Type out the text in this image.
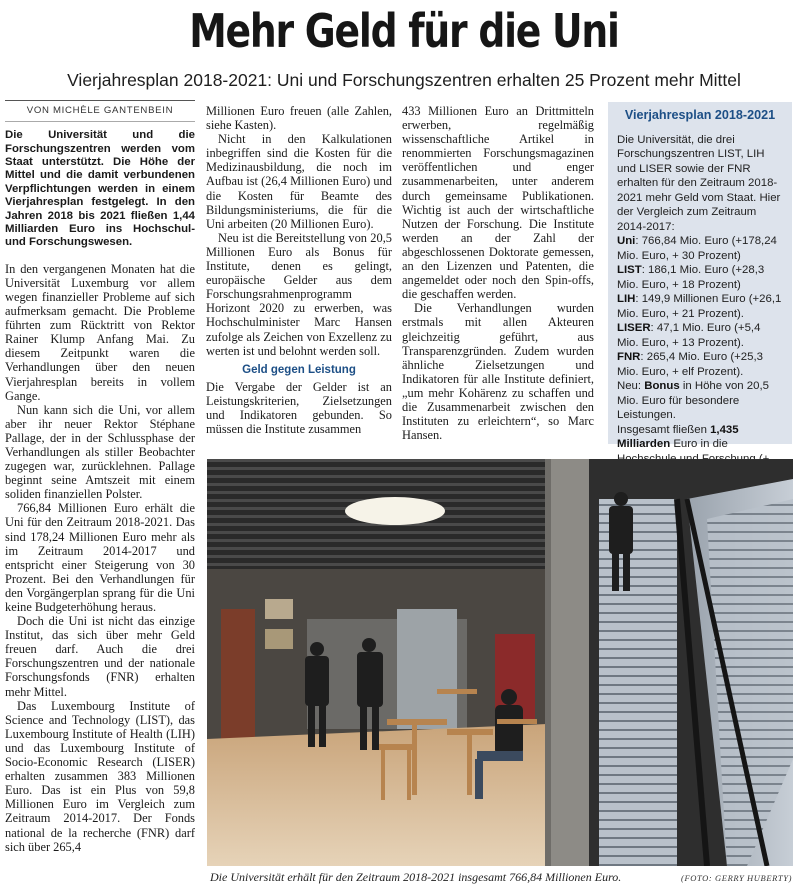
Mehr Geld für die Uni
Vierjahresplan 2018-2021: Uni und Forschungszentren erhalten 25 Prozent mehr Mittel
VON MICHÈLE GANTENBEIN

Die Universität und die Forschungszentren werden vom Staat unterstützt. Die Höhe der Mittel und die damit verbundenen Verpflichtungen werden in einem Vierjahresplan festgelegt. In den Jahren 2018 bis 2021 fließen 1,44 Milliarden Euro ins Hochschul- und Forschungswesen.

In den vergangenen Monaten hat die Universität Luxemburg vor allem wegen finanzieller Probleme auf sich aufmerksam gemacht. Die Probleme führten zum Rücktritt von Rektor Rainer Klump Anfang Mai. Zu diesem Zeitpunkt waren die Verhandlungen über den neuen Vierjahresplan bereits in vollem Gange.

Nun kann sich die Uni, vor allem aber ihr neuer Rektor Stéphane Pallage, der in der Schlussphase der Verhandlungen als stiller Beobachter zugegen war, zurücklehnen. Pallage beginnt seine Amtszeit mit einem soliden finanziellen Polster.

766,84 Millionen Euro erhält die Uni für den Zeitraum 2018-2021. Das sind 178,24 Millionen Euro mehr als im Zeitraum 2014-2017 und entspricht einer Steigerung von 30 Prozent. Bei den Verhandlungen für den Vorgängerplan sprang für die Uni keine Budgeterhöhung heraus.

Doch die Uni ist nicht das einzige Institut, das sich über mehr Geld freuen darf. Auch die drei Forschungszentren und der nationale Forschungsfonds (FNR) erhalten mehr Mittel.

Das Luxembourg Institute of Science and Technology (LIST), das Luxembourg Institute of Health (LIH) und das Luxembourg Institute of Socio-Economic Research (LISER) erhalten zusammen 383 Millionen Euro. Das ist ein Plus von 59,8 Millionen Euro im Vergleich zum Zeitraum 2014-2017. Der Fonds national de la recherche (FNR) darf sich über 265,4

Millionen Euro freuen (alle Zahlen, siehe Kasten).

Nicht in den Kalkulationen inbegriffen sind die Kosten für die Medizinausbildung, die noch im Aufbau ist (26,4 Millionen Euro) und die Kosten für Beamte des Bildungsministeriums, die für die Uni arbeiten (20 Millionen Euro).

Neu ist die Bereitstellung von 20,5 Millionen Euro als Bonus für Institute, denen es gelingt, europäische Gelder aus dem Forschungsrahmenprogramm Horizont 2020 zu erwerben, was Hochschulminister Marc Hansen zufolge als Zeichen von Exzellenz zu werten ist und belohnt werden soll.

Geld gegen Leistung

Die Vergabe der Gelder ist an Leistungskriterien, Zielsetzungen und Indikatoren gebunden. So müssen die Institute zusammen

433 Millionen Euro an Drittmitteln erwerben, regelmäßig wissenschaftliche Artikel in renommierten Forschungsmagazinen veröffentlichen und enger zusammenarbeiten, unter anderem durch gemeinsame Publikationen. Wichtig ist auch der wirtschaftliche Nutzen der Forschung. Die Institute werden an der Zahl der abgeschlossenen Doktorate gemessen, an den Lizenzen und Patenten, die angemeldet oder noch den Spin-offs, die geschaffen werden.

Die Verhandlungen wurden erstmals mit allen Akteuren gleichzeitig geführt, aus Transparenzgründen. Zudem wurden ähnliche Zielsetzungen und Indikatoren für alle Institute definiert, „um mehr Kohärenz zu schaffen und die Zusammenarbeit zwischen den Instituten zu erleichtern“, so Marc Hansen.

Vierjahresplan 2018-2021

Die Universität, die drei Forschungszentren LIST, LIH und LISER sowie der FNR erhalten für den Zeitraum 2018-2021 mehr Geld vom Staat. Hier der Vergleich zum Zeitraum 2014-2017:

Uni: 766,84 Mio. Euro (+178,24 Mio. Euro, + 30 Prozent)

LIST: 186,1 Mio. Euro (+28,3 Mio. Euro, + 18 Prozent)

LIH: 149,9 Millionen Euro (+26,1 Mio. Euro, + 21 Prozent).

LISER: 47,1 Mio. Euro (+5,4 Mio. Euro, + 13 Prozent).

FNR: 265,4 Mio. Euro (+25,3 Mio. Euro, + elf Prozent).

Neu: Bonus in Höhe von 20,5 Mio. Euro für besondere Leistungen.

Insgesamt fließen 1,435 Milliarden Euro in die

Die Universität erhält für den Zeitraum 2018-2021 insgesamt 766,84 Millionen Euro.	(FOTO: GERRY HUBERTY)
